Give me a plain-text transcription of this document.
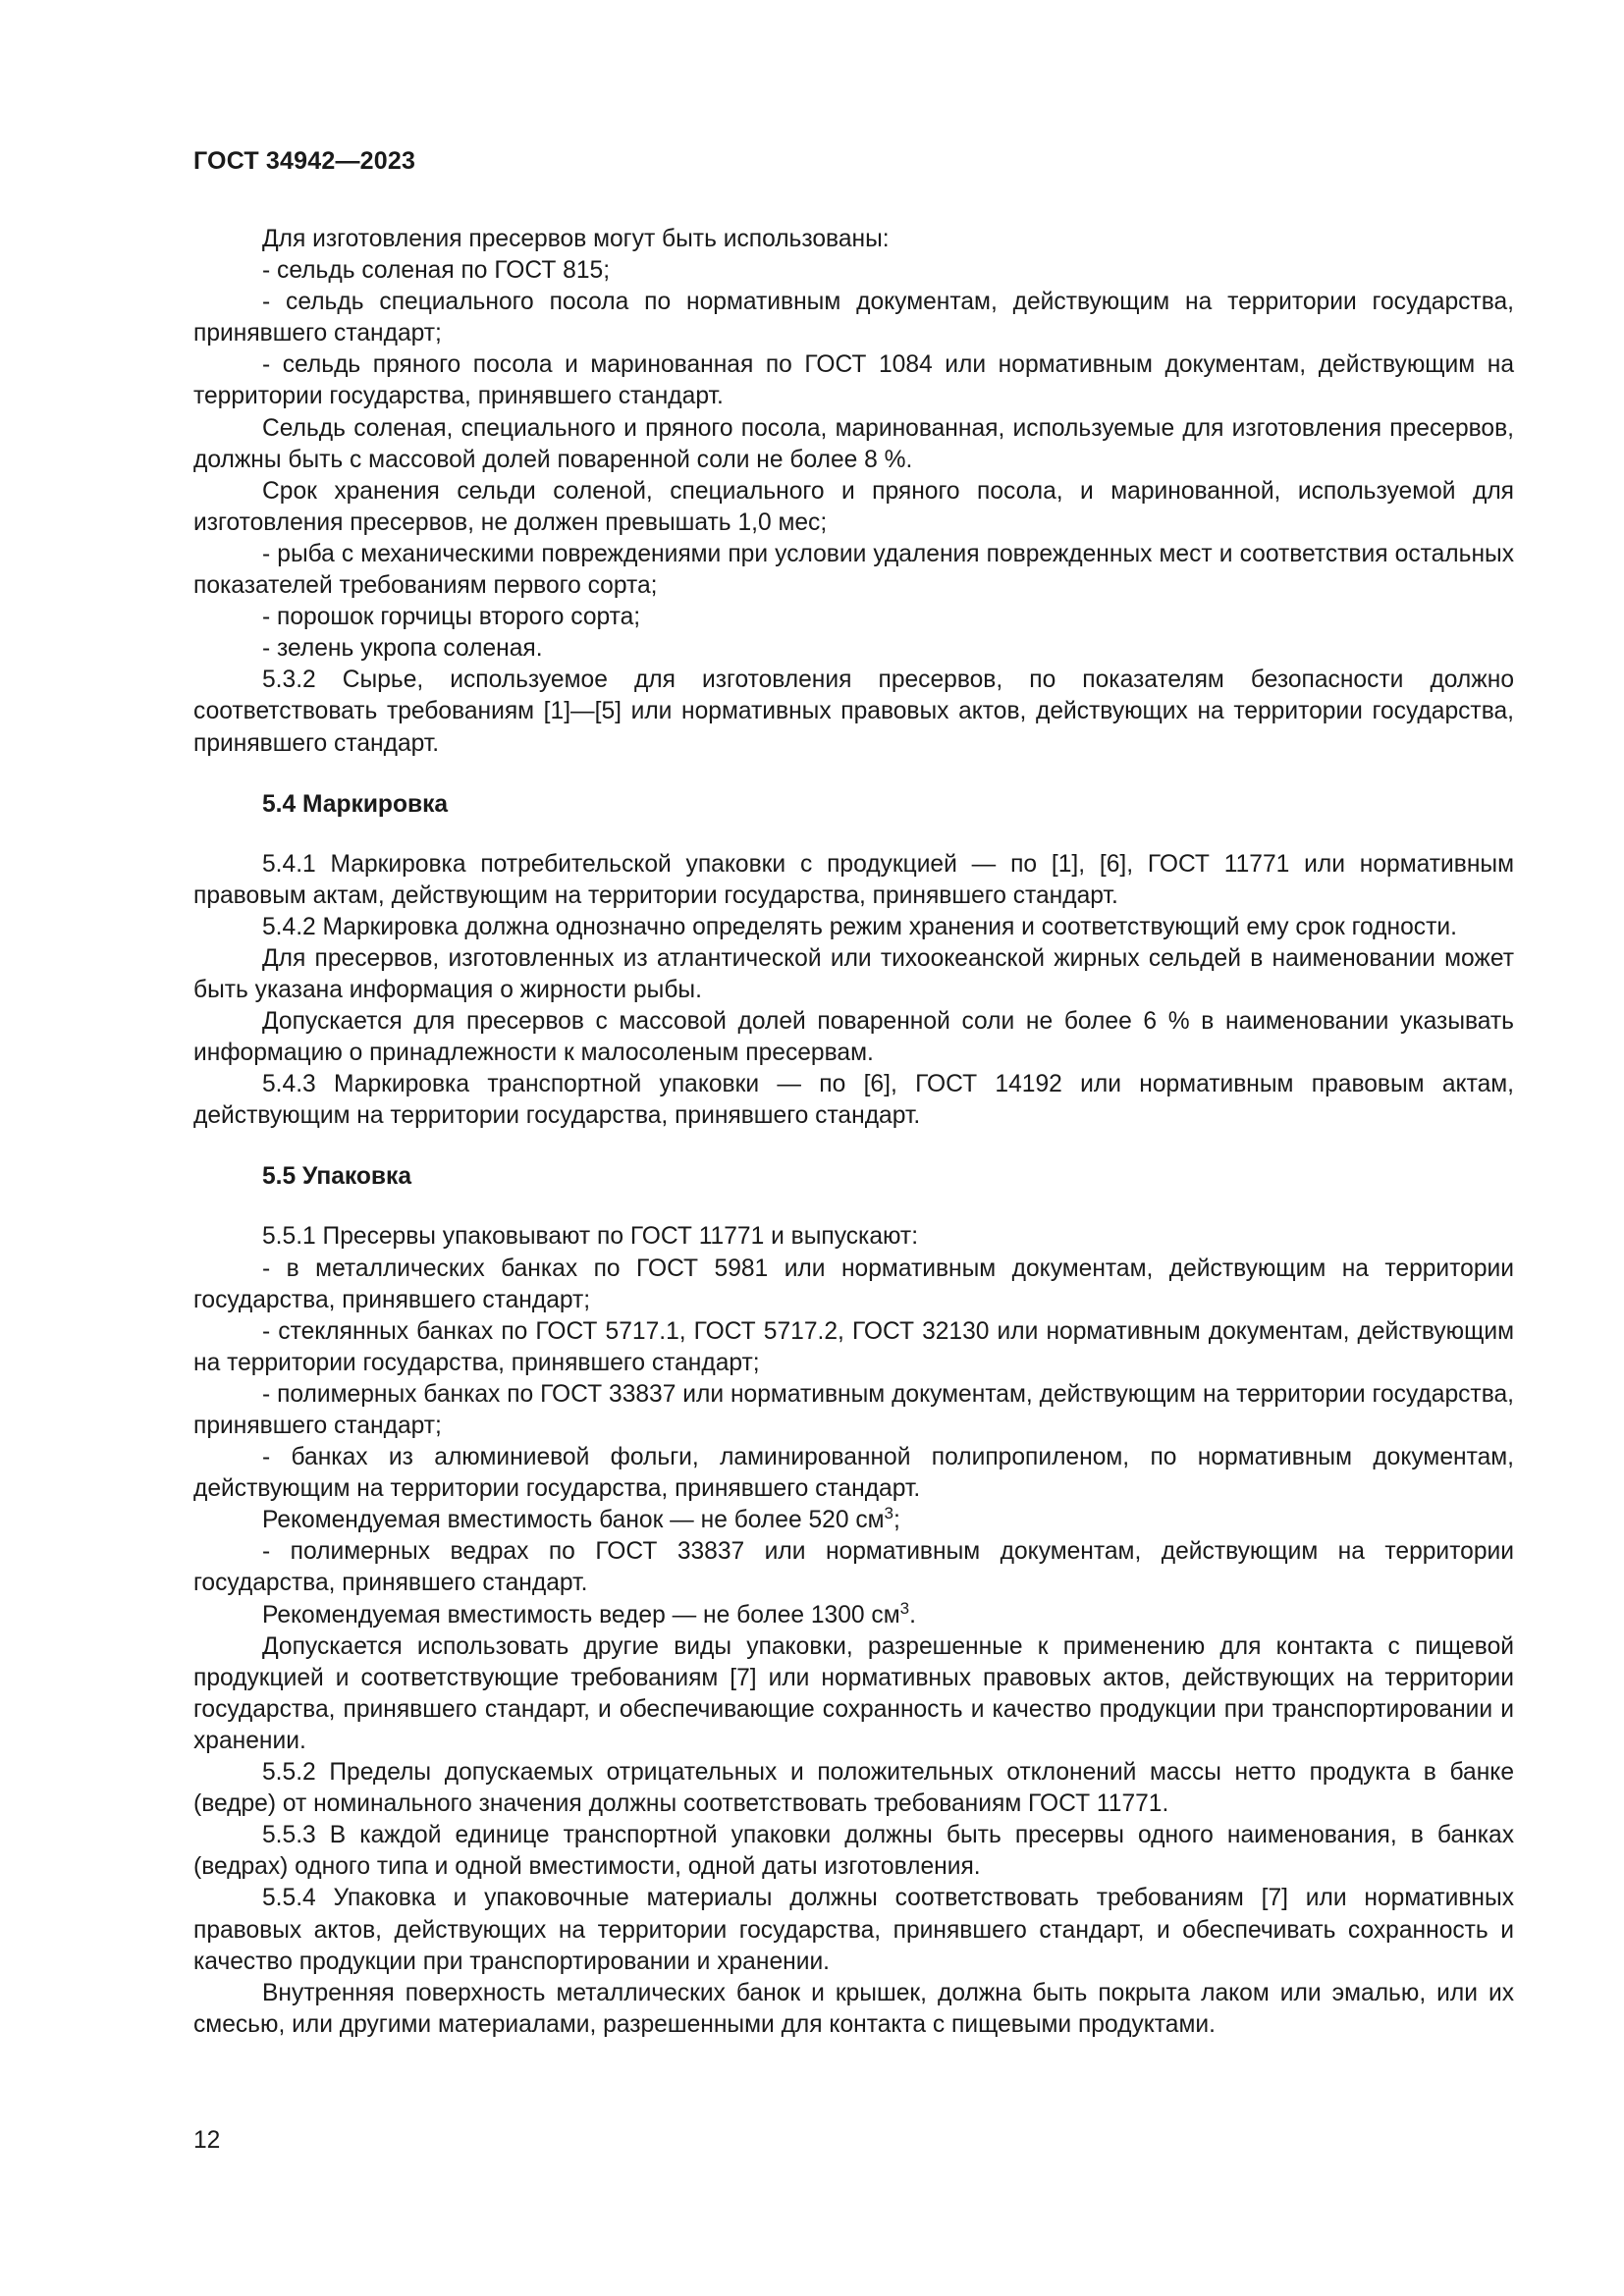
ГОСТ 34942—2023

Для изготовления пресервов могут быть использованы:

- сельдь соленая по ГОСТ 815;

- сельдь специального посола по нормативным документам, действующим на территории государства, принявшего стандарт;

- сельдь пряного посола и маринованная по ГОСТ 1084 или нормативным документам, действующим на территории государства, принявшего стандарт.

Сельдь соленая, специального и пряного посола, маринованная, используемые для изготовления пресервов, должны быть с массовой долей поваренной соли не более 8 %.

Срок хранения сельди соленой, специального и пряного посола, и маринованной, используемой для изготовления пресервов, не должен превышать 1,0 мес;

- рыба с механическими повреждениями при условии удаления поврежденных мест и соответствия остальных показателей требованиям первого сорта;

- порошок горчицы второго сорта;

- зелень укропа соленая.

5.3.2 Сырье, используемое для изготовления пресервов, по показателям безопасности должно соответствовать требованиям [1]—[5] или нормативных правовых актов, действующих на территории государства, принявшего стандарт.

5.4 Маркировка

5.4.1 Маркировка потребительской упаковки с продукцией — по [1], [6], ГОСТ 11771 или нормативным правовым актам, действующим на территории государства, принявшего стандарт.

5.4.2 Маркировка должна однозначно определять режим хранения и соответствующий ему срок годности.

Для пресервов, изготовленных из атлантической или тихоокеанской жирных сельдей в наименовании может быть указана информация о жирности рыбы.

Допускается для пресервов с массовой долей поваренной соли не более 6 % в наименовании указывать информацию о принадлежности к малосоленым пресервам.

5.4.3 Маркировка транспортной упаковки — по [6], ГОСТ 14192 или нормативным правовым актам, действующим на территории государства, принявшего стандарт.

5.5 Упаковка

5.5.1 Пресервы упаковывают по ГОСТ 11771 и выпускают:

- в металлических банках по ГОСТ 5981 или нормативным документам, действующим на территории государства, принявшего стандарт;

- стеклянных банках по ГОСТ 5717.1, ГОСТ 5717.2, ГОСТ 32130 или нормативным документам, действующим на территории государства, принявшего стандарт;

- полимерных банках по ГОСТ 33837 или нормативным документам, действующим на территории государства, принявшего стандарт;

- банках из алюминиевой фольги, ламинированной полипропиленом, по нормативным документам, действующим на территории государства, принявшего стандарт.

Рекомендуемая вместимость банок — не более 520 $см^3$;

- полимерных ведрах по ГОСТ 33837 или нормативным документам, действующим на территории государства, принявшего стандарт.

Рекомендуемая вместимость ведер — не более 1300 $см^3$.

Допускается использовать другие виды упаковки, разрешенные к применению для контакта с пищевой продукцией и соответствующие требованиям [7] или нормативных правовых актов, действующих на территории государства, принявшего стандарт, и обеспечивающие сохранность и качество продукции при транспортировании и хранении.

5.5.2 Пределы допускаемых отрицательных и положительных отклонений массы нетто продукта в банке (ведре) от номинального значения должны соответствовать требованиям ГОСТ 11771.

5.5.3 В каждой единице транспортной упаковки должны быть пресервы одного наименования, в банках (ведрах) одного типа и одной вместимости, одной даты изготовления.

5.5.4 Упаковка и упаковочные материалы должны соответствовать требованиям [7] или нормативных правовых актов, действующих на территории государства, принявшего стандарт, и обеспечивать сохранность и качество продукции при транспортировании и хранении.

Внутренняя поверхность металлических банок и крышек, должна быть покрыта лаком или эмалью, или их смесью, или другими материалами, разрешенными для контакта с пищевыми продуктами.

12
